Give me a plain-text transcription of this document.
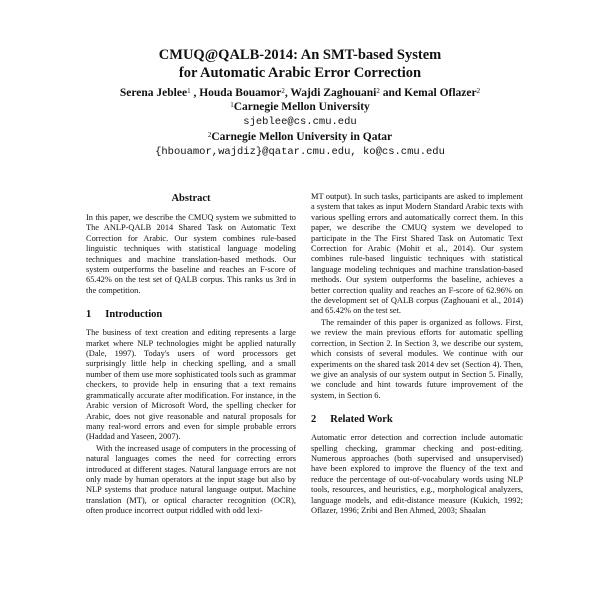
CMUQ@QALB-2014: An SMT-based System
for Automatic Arabic Error Correction
Serena Jeblee$^1$ , Houda Bouamor$^2$, Wajdi Zaghouani$^2$ and Kemal Oflazer$^2$
$^1$Carnegie Mellon University
sjeblee@cs.cmu.edu
$^2$Carnegie Mellon University in Qatar
{hbouamor,wajdiz}@qatar.cmu.edu, ko@cs.cmu.edu
Abstract

In this paper, we describe the CMUQ system we submitted to The ANLP-QALB 2014 Shared Task on Automatic Text Correction for Arabic. Our system combines rule-based linguistic techniques with statistical language modeling techniques and machine translation-based methods. Our system outperforms the baseline and reaches an F-score of 65.42% on the test set of QALB corpus. This ranks us 3rd in the competition.

1 Introduction

The business of text creation and editing represents a large market where NLP technologies might be applied naturally (Dale, 1997). Today's users of word processors get surprisingly little help in checking spelling, and a small number of them use more sophisticated tools such as grammar checkers, to provide help in ensuring that a text remains grammatically accurate after modification. For instance, in the Arabic version of Microsoft Word, the spelling checker for Arabic, does not give reasonable and natural proposals for many real-word errors and even for simple probable errors (Haddad and Yaseen, 2007).

With the increased usage of computers in the processing of natural languages comes the need for correcting errors introduced at different stages. Natural language errors are not only made by human operators at the input stage but also by NLP systems that produce natural language output. Machine translation (MT), or optical character recognition (OCR), often produce incorrect output riddled with odd lexi-

MT output). In such tasks, participants are asked to implement a system that takes as input Modern Standard Arabic texts with various spelling errors and automatically correct them. In this paper, we describe the CMUQ system we developed to participate in the The First Shared Task on Automatic Text Correction for Arabic (Mohit et al., 2014). Our system combines rule-based linguistic techniques with statistical language modeling techniques and machine translation-based methods. Our system outperforms the baseline, achieves a better correction quality and reaches an F-score of 62.96% on the development set of QALB corpus (Zaghouani et al., 2014) and 65.42% on the test set.

The remainder of this paper is organized as follows. First, we review the main previous efforts for automatic spelling correction, in Section 2. In Section 3, we describe our system, which consists of several modules. We continue with our experiments on the shared task 2014 dev set (Section 4). Then, we give an analysis of our system output in Section 5. Finally, we conclude and hint towards future improvement of the system, in Section 6.

2 Related Work

Automatic error detection and correction include automatic spelling checking, grammar checking and post-editing. Numerous approaches (both supervised and unsupervised) have been explored to improve the fluency of the text and reduce the percentage of out-of-vocabulary words using NLP tools, resources, and heuristics, e.g., morphological analyzers, language models, and edit-distance measure (Kukich, 1992; Oflazer, 1996; Zribi and Ben Ahmed, 2003; Shaalan
